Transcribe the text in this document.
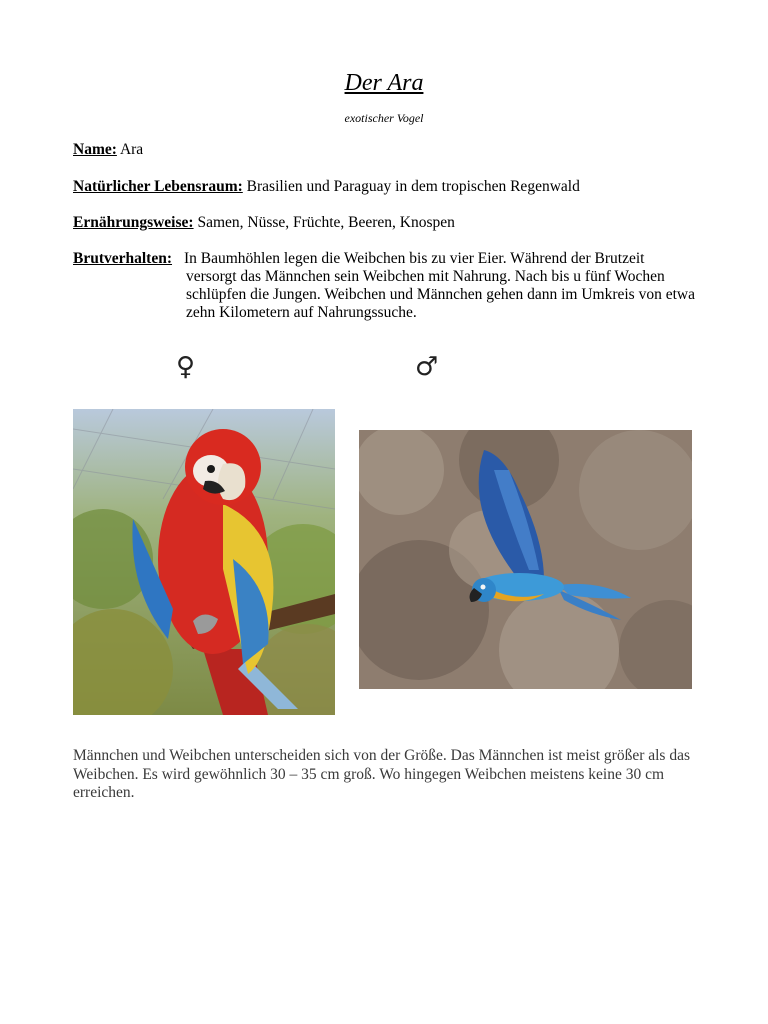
Der Ara
exotischer Vogel
Name: Ara
Natürlicher Lebensraum: Brasilien und Paraguay in dem tropischen Regenwald
Ernährungsweise: Samen, Nüsse, Früchte, Beeren, Knospen
Brutverhalten: In Baumhöhlen legen die Weibchen bis zu vier Eier. Während der Brutzeit versorgt das Männchen sein Weibchen mit Nahrung. Nach bis u fünf Wochen schlüpfen die Jungen. Weibchen und Männchen gehen dann im Umkreis von etwa zehn Kilometern auf Nahrungssuche.
♀	♂
Männchen und Weibchen unterscheiden sich von der Größe. Das Männchen ist meist größer als das Weibchen. Es wird gewöhnlich 30 – 35 cm groß. Wo hingegen Weibchen meistens keine 30 cm erreichen.
